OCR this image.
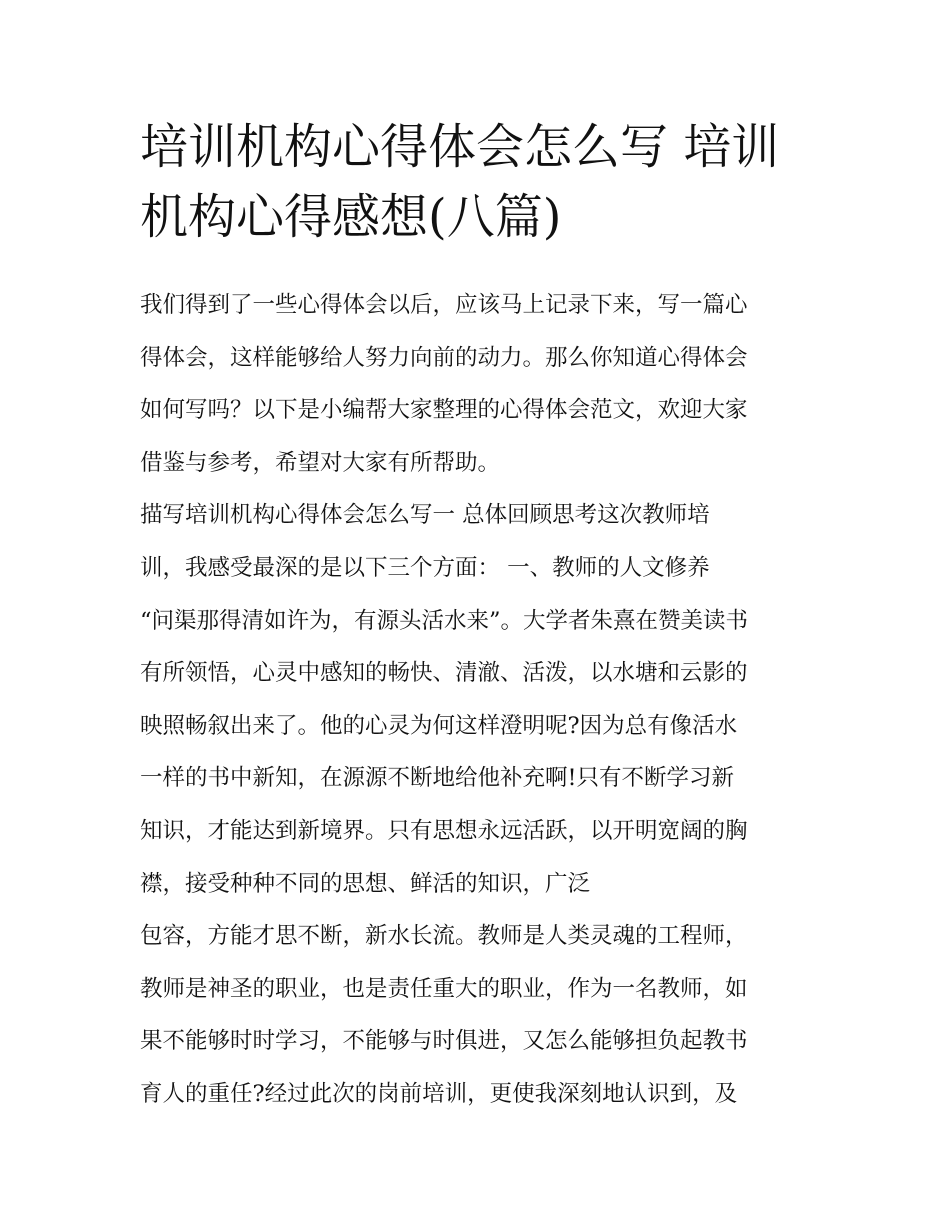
培训机构心得体会怎么写 培训
机构心得感想(八篇)
我们得到了一些心得体会以后，应该马上记录下来，写一篇心
得体会，这样能够给人努力向前的动力。那么你知道心得体会
如何写吗？以下是小编帮大家整理的心得体会范文，欢迎大家
借鉴与参考，希望对大家有所帮助。
描写培训机构心得体会怎么写一 总体回顾思考这次教师培
训，我感受最深的是以下三个方面： 一、教师的人文修养
“问渠那得清如许为，有源头活水来”。大学者朱熹在赞美读书
有所领悟，心灵中感知的畅快、清澈、活泼，以水塘和云影的
映照畅叙出来了。他的心灵为何这样澄明呢?因为总有像活水
一样的书中新知，在源源不断地给他补充啊!只有不断学习新
知识，才能达到新境界。只有思想永远活跃，以开明宽阔的胸
襟，接受种种不同的思想、鲜活的知识，广泛
包容，方能才思不断，新水长流。教师是人类灵魂的工程师，
教师是神圣的职业，也是责任重大的职业，作为一名教师，如
果不能够时时学习，不能够与时俱进，又怎么能够担负起教书
育人的重任?经过此次的岗前培训，更使我深刻地认识到，及
